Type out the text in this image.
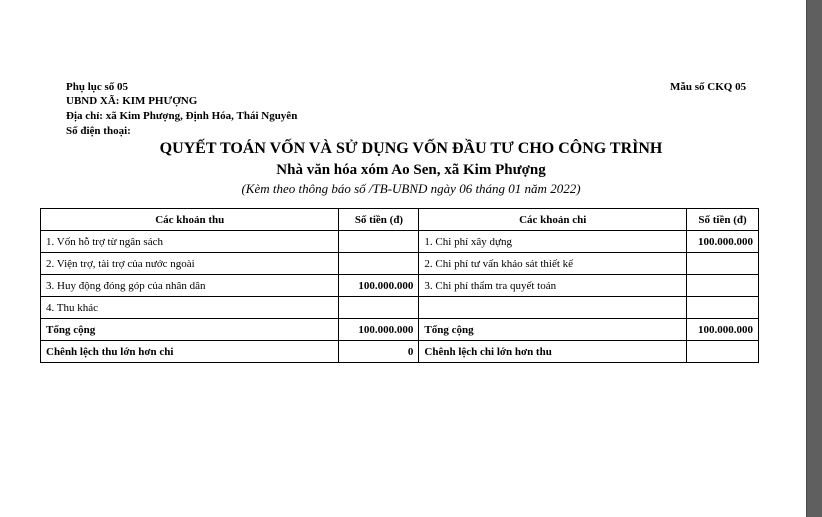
Phụ lục số 05	Mẫu số CKQ 05
UBND XÃ: KIM PHƯỢNG
Địa chỉ: xã Kim Phượng, Định Hóa, Thái Nguyên
Số điện thoại:
QUYẾT TOÁN VỐN VÀ SỬ DỤNG VỐN ĐẦU TƯ CHO CÔNG TRÌNH
Nhà văn hóa xóm Ao Sen, xã Kim Phượng
(Kèm theo thông báo số /TB-UBND ngày 06 tháng 01 năm 2022)
Các khoản thu	Số tiền (đ)	Các khoản chi	Số tiền (đ)
1. Vốn hỗ trợ từ ngân sách		1. Chi phí xây dựng	100.000.000
2. Viện trợ, tài trợ của nước ngoài		2. Chi phí tư vấn khảo sát thiết kế	
3. Huy động đóng góp của nhân dân	100.000.000	3. Chi phí thẩm tra quyết toán	
4. Thu khác			
Tổng cộng	100.000.000	Tổng cộng	100.000.000
Chênh lệch thu lớn hơn chi	0	Chênh lệch chi lớn hơn thu	
